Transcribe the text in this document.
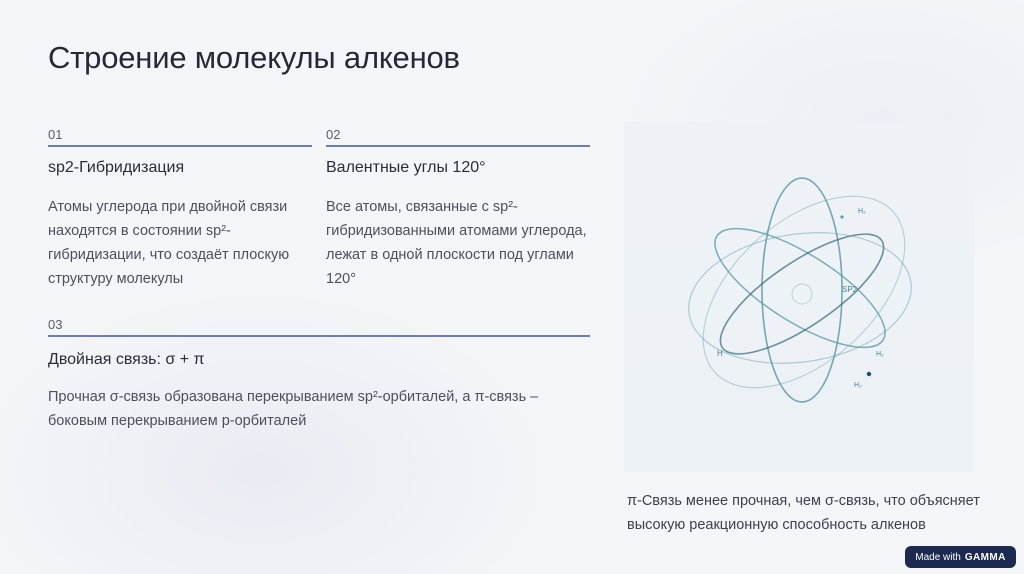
Строение молекулы алкенов
01
sp2-Гибридизация
Атомы углерода при двойной связи находятся в состоянии sp²-гибридизации, что создаёт плоскую структуру молекулы
02
Валентные углы 120°
Все атомы, связанные с sp²-гибридизованными атомами углерода, лежат в одной плоскости под углами 120°
03
Двойная связь: σ + π
Прочная σ-связь образована перекрыванием sp²-орбиталей, а π-связь – боковым перекрыванием p-орбиталей
SP2
H
H₂
H₂
H₂
π-Связь менее прочная, чем σ-связь, что объясняет высокую реакционную способность алкенов
Made with GAMMA
